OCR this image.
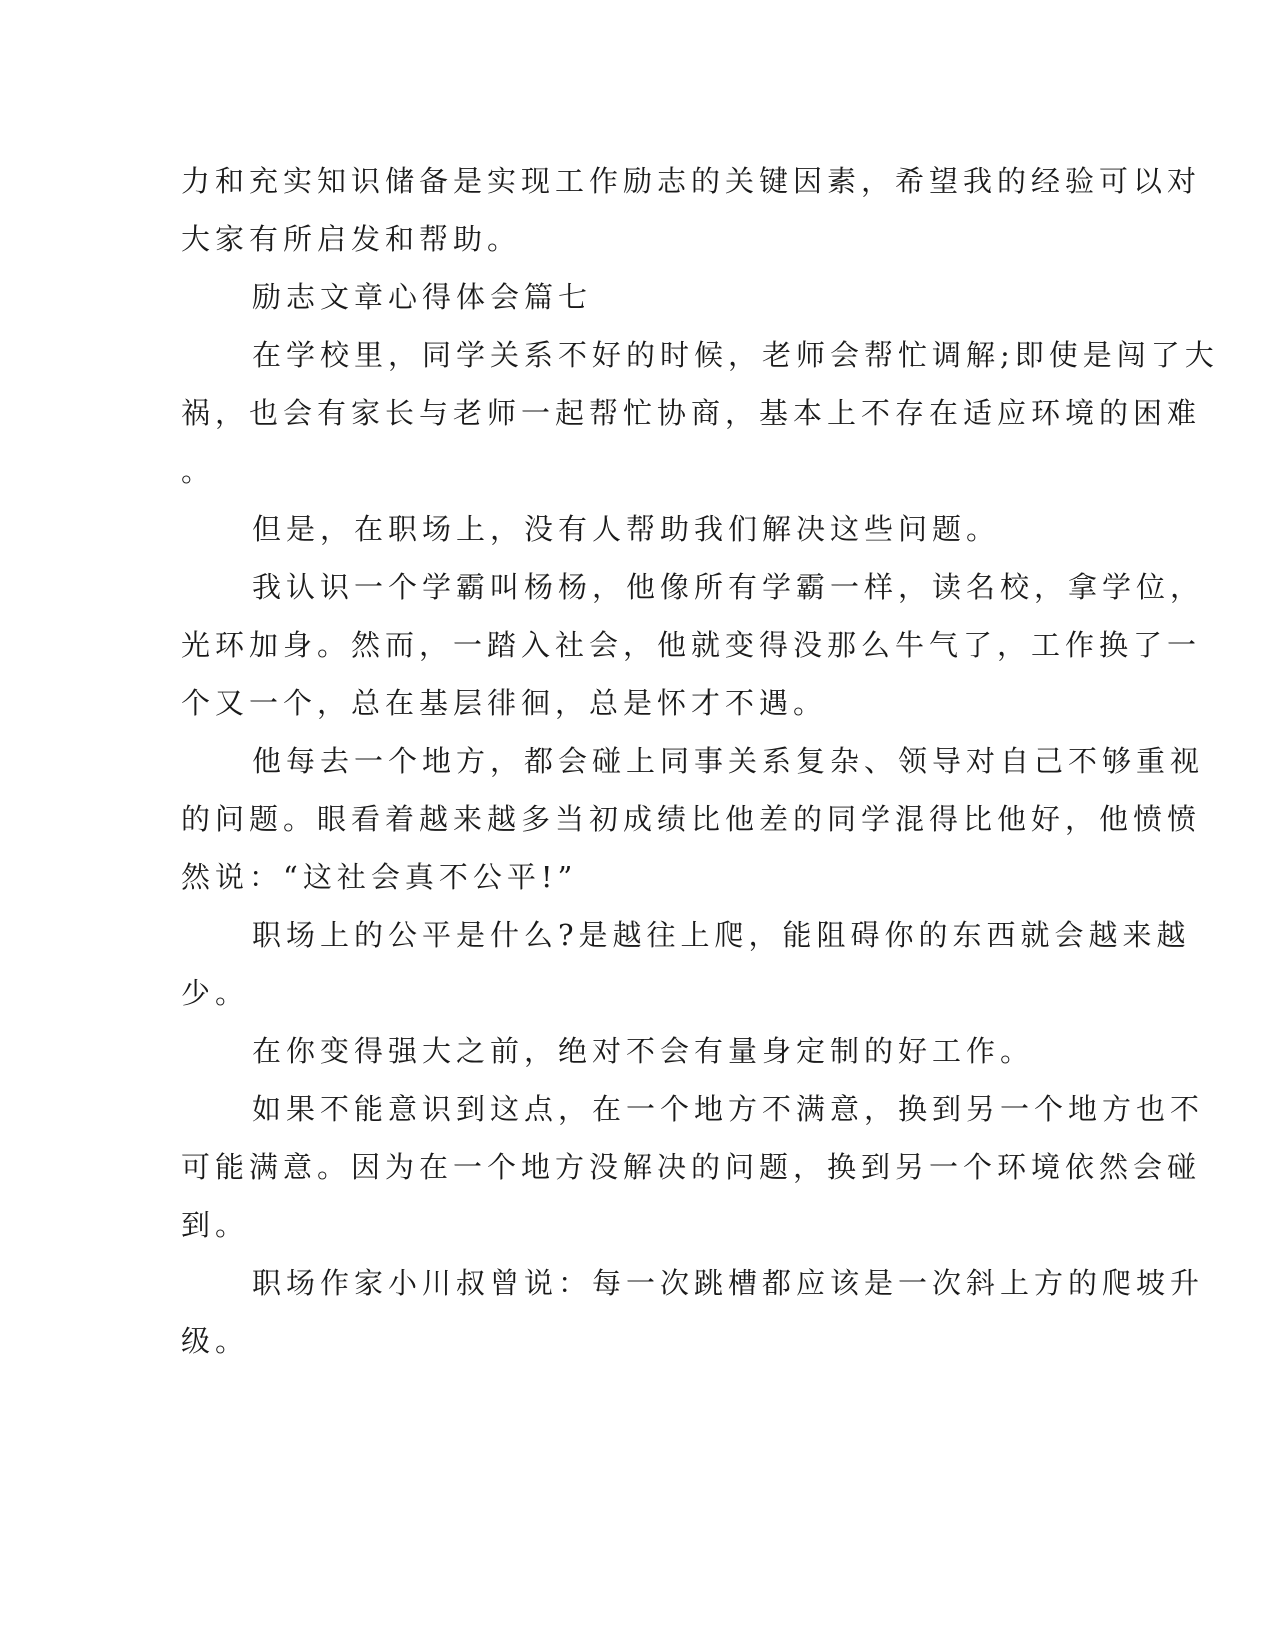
力和充实知识储备是实现工作励志的关键因素，希望我的经验可以对
大家有所启发和帮助。
励志文章心得体会篇七
在学校里，同学关系不好的时候，老师会帮忙调解;即使是闯了大
祸，也会有家长与老师一起帮忙协商，基本上不存在适应环境的困难
。
但是，在职场上，没有人帮助我们解决这些问题。
我认识一个学霸叫杨杨，他像所有学霸一样，读名校，拿学位，
光环加身。然而，一踏入社会，他就变得没那么牛气了，工作换了一
个又一个，总在基层徘徊，总是怀才不遇。
他每去一个地方，都会碰上同事关系复杂、领导对自己不够重视
的问题。眼看着越来越多当初成绩比他差的同学混得比他好，他愤愤
然说：“这社会真不公平!”
职场上的公平是什么?是越往上爬，能阻碍你的东西就会越来越
少。
在你变得强大之前，绝对不会有量身定制的好工作。
如果不能意识到这点，在一个地方不满意，换到另一个地方也不
可能满意。因为在一个地方没解决的问题，换到另一个环境依然会碰
到。
职场作家小川叔曾说：每一次跳槽都应该是一次斜上方的爬坡升
级。
